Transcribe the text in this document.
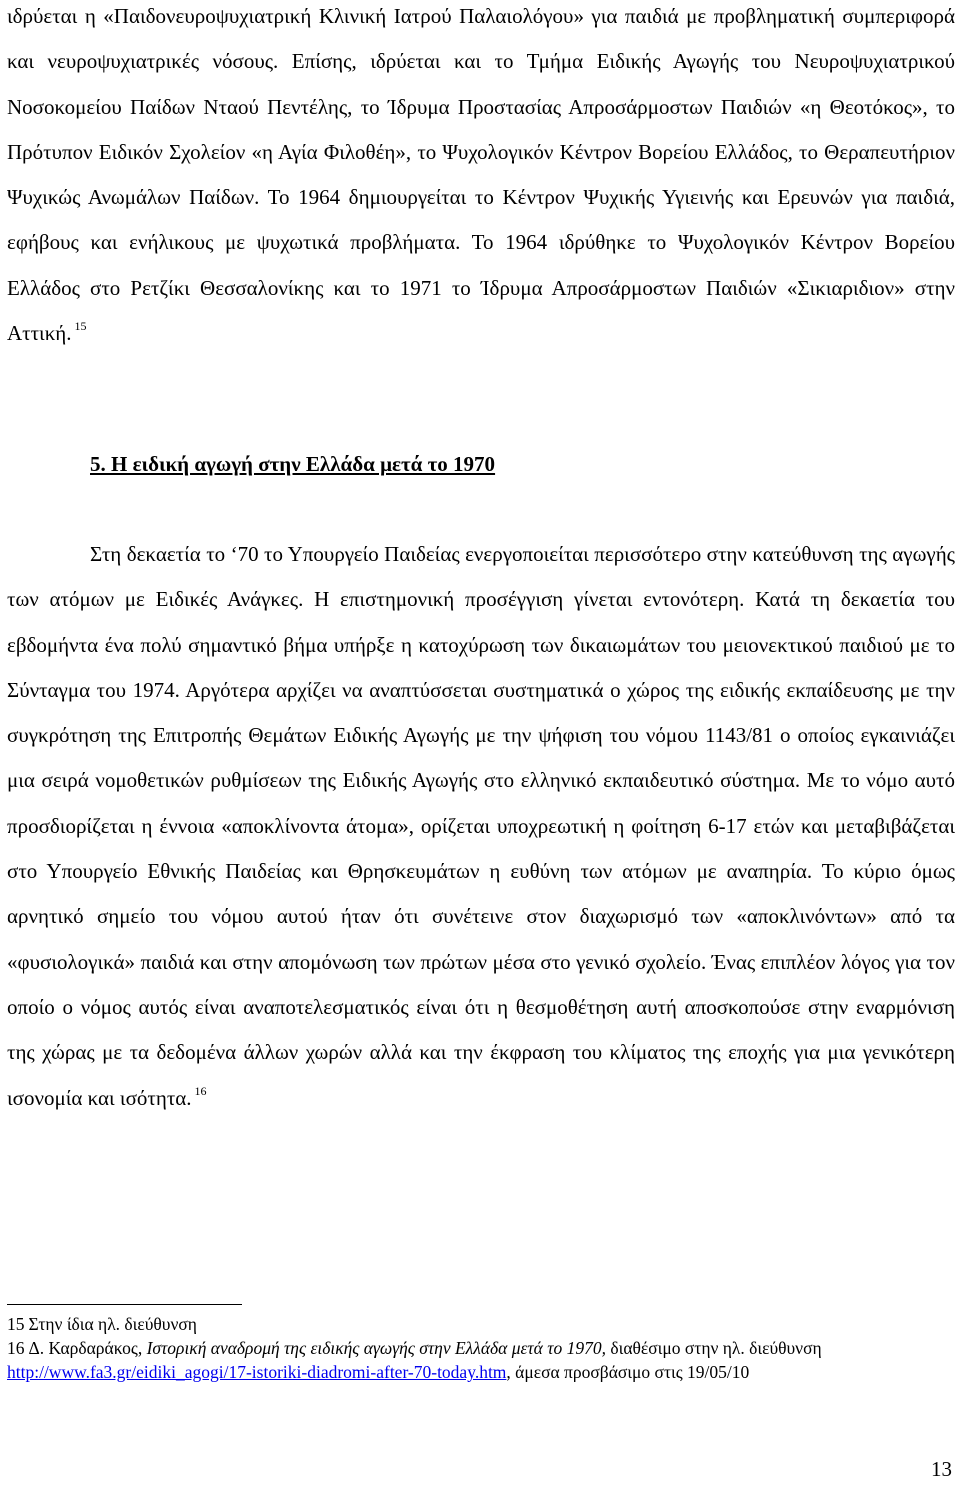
ιδρύεται η «Παιδονευροψυχιατρική Κλινική Ιατρού Παλαιολόγου» για παιδιά με προβληματική συμπεριφορά και νευροψυχιατρικές νόσους. Επίσης, ιδρύεται και το Τμήμα Ειδικής Αγωγής του Νευροψυχιατρικού Νοσοκομείου Παίδων Νταού Πεντέλης, το Ίδρυμα Προστασίας Απροσάρμοστων Παιδιών «η Θεοτόκος», το Πρότυπον Ειδικόν Σχολείον «η Αγία Φιλοθέη», το Ψυχολογικόν Κέντρον Βορείου Ελλάδος, το Θεραπευτήριον Ψυχικώς Ανωμάλων Παίδων. Το 1964 δημιουργείται το Κέντρον Ψυχικής Υγιεινής και Ερευνών για παιδιά, εφήβους και ενήλικους με ψυχωτικά προβλήματα. Το 1964 ιδρύθηκε το Ψυχολογικόν Κέντρον Βορείου Ελλάδος στο Ρετζίκι Θεσσαλονίκης και το 1971 το Ίδρυμα Απροσάρμοστων Παιδιών «Σικιαριδιον» στην Αττική. $^{15}$

5. Η ειδική αγωγή στην Ελλάδα μετά το 1970

Στη δεκαετία το ‘70 το Υπουργείο Παιδείας ενεργοποιείται περισσότερο στην κατεύθυνση της αγωγής των ατόμων με Ειδικές Ανάγκες. Η επιστημονική προσέγγιση γίνεται εντονότερη. Κατά τη δεκαετία του εβδομήντα ένα πολύ σημαντικό βήμα υπήρξε η κατοχύρωση των δικαιωμάτων του μειονεκτικού παιδιού με το Σύνταγμα του 1974. Αργότερα αρχίζει να αναπτύσσεται συστηματικά ο χώρος της ειδικής εκπαίδευσης με την συγκρότηση της Επιτροπής Θεμάτων Ειδικής Αγωγής με την ψήφιση του νόμου 1143/81 ο οποίος εγκαινιάζει μια σειρά νομοθετικών ρυθμίσεων της Ειδικής Αγωγής στο ελληνικό εκπαιδευτικό σύστημα. Με το νόμο αυτό προσδιορίζεται η έννοια «αποκλίνοντα άτομα», ορίζεται υποχρεωτική η φοίτηση 6-17 ετών και μεταβιβάζεται στο Υπουργείο Εθνικής Παιδείας και Θρησκευμάτων η ευθύνη των ατόμων με αναπηρία. Το κύριο όμως αρνητικό σημείο του νόμου αυτού ήταν ότι συνέτεινε στον διαχωρισμό των «αποκλινόντων» από τα «φυσιολογικά» παιδιά και στην απομόνωση των πρώτων μέσα στο γενικό σχολείο. Ένας επιπλέον λόγος για τον οποίο ο νόμος αυτός είναι αναποτελεσματικός είναι ότι η θεσμοθέτηση αυτή αποσκοπούσε στην εναρμόνιση της χώρας με τα δεδομένα άλλων χωρών αλλά και την έκφραση του κλίματος της εποχής για μια γενικότερη ισονομία και ισότητα. $^{16}$

15 Στην ίδια ηλ. διεύθυνση

16 Δ. Καρδαράκος, Ιστορική αναδρομή της ειδικής αγωγής στην Ελλάδα μετά το 1970, διαθέσιμο στην ηλ. διεύθυνση http://www.fa3.gr/eidiki_agogi/17-istoriki-diadromi-after-70-today.htm, άμεσα προσβάσιμο στις 19/05/10

13
